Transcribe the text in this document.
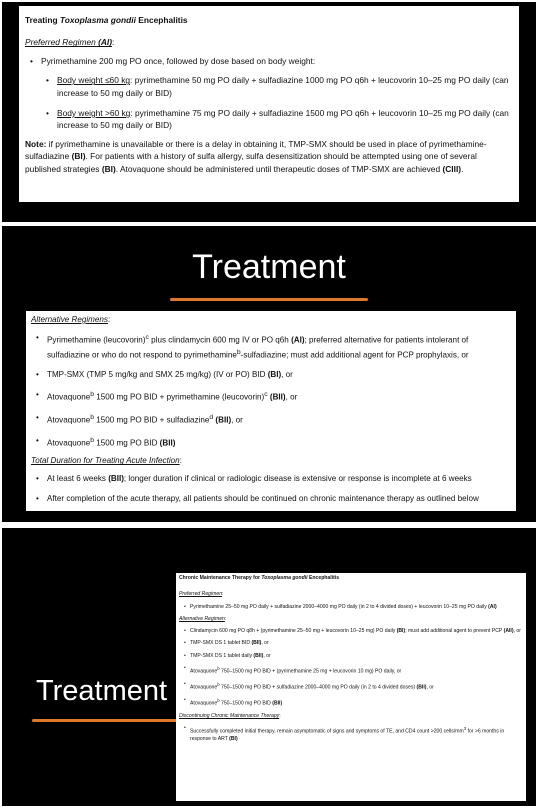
Treating Toxoplasma gondii Encephalitis
Preferred Regimen (AI):
• Pyrimethamine 200 mg PO once, followed by dose based on body weight:
• Body weight ≤60 kg: pyrimethamine 50 mg PO daily + sulfadiazine 1000 mg PO q6h + leucovorin 10–25 mg PO daily (can increase to 50 mg daily or BID)
• Body weight >60 kg: pyrimethamine 75 mg PO daily + sulfadiazine 1500 mg PO q6h + leucovorin 10–25 mg PO daily (can increase to 50 mg daily or BID)
Note: if pyrimethamine is unavailable or there is a delay in obtaining it, TMP-SMX should be used in place of pyrimethamine-sulfadiazine (BI). For patients with a history of sulfa allergy, sulfa desensitization should be attempted using one of several published strategies (BI). Atovaquone should be administered until therapeutic doses of TMP-SMX are achieved (CIII).
Treatment
Alternative Regimens:
• Pyrimethamine (leucovorin)$^c$ plus clindamycin 600 mg IV or PO q6h (AI); preferred alternative for patients intolerant of sulfadiazine or who do not respond to pyrimethamine$^b$-sulfadiazine; must add additional agent for PCP prophylaxis, or
• TMP-SMX (TMP 5 mg/kg and SMX 25 mg/kg) (IV or PO) BID (BI), or
• Atovaquone$^b$ 1500 mg PO BID + pyrimethamine (leucovorin)$^c$ (BII), or
• Atovaquone$^b$ 1500 mg PO BID + sulfadiazine$^d$ (BII), or
• Atovaquone$^b$ 1500 mg PO BID (BII)
Total Duration for Treating Acute Infection:
• At least 6 weeks (BII); longer duration if clinical or radiologic disease is extensive or response is incomplete at 6 weeks
• After completion of the acute therapy, all patients should be continued on chronic maintenance therapy as outlined below
Treatment
Chronic Maintenance Therapy for Toxoplasma gondii Encephalitis
Preferred Regimen:
• Pyrimethamine 25–50 mg PO daily + sulfadiazine 2000–4000 mg PO daily (in 2 to 4 divided doses) + leucovorin 10–25 mg PO daily (AI)
Alternative Regimen:
• Clindamycin 600 mg PO q8h + (pyrimethamine 25–50 mg + leucovorin 10–25 mg) PO daily (BI); must add additional agent to prevent PCP (AII), or
• TMP-SMX DS 1 tablet BID (BII), or
• TMP-SMX DS 1 tablet daily (BII), or
• Atovaquone$^b$ 750–1500 mg PO BID + (pyrimethamine 25 mg + leucovorin 10 mg) PO daily, or
• Atovaquone$^b$ 750–1500 mg PO BID + sulfadiazine 2000–4000 mg PO daily (in 2 to 4 divided doses) (BII), or
• Atovaquone$^b$ 750–1500 mg PO BID (BII)
Discontinuing Chronic Maintenance Therapy:
• Successfully completed initial therapy, remain asymptomatic of signs and symptoms of TE, and CD4 count >200 cells/$mm^3$ for >6 months in response to ART (BI)
